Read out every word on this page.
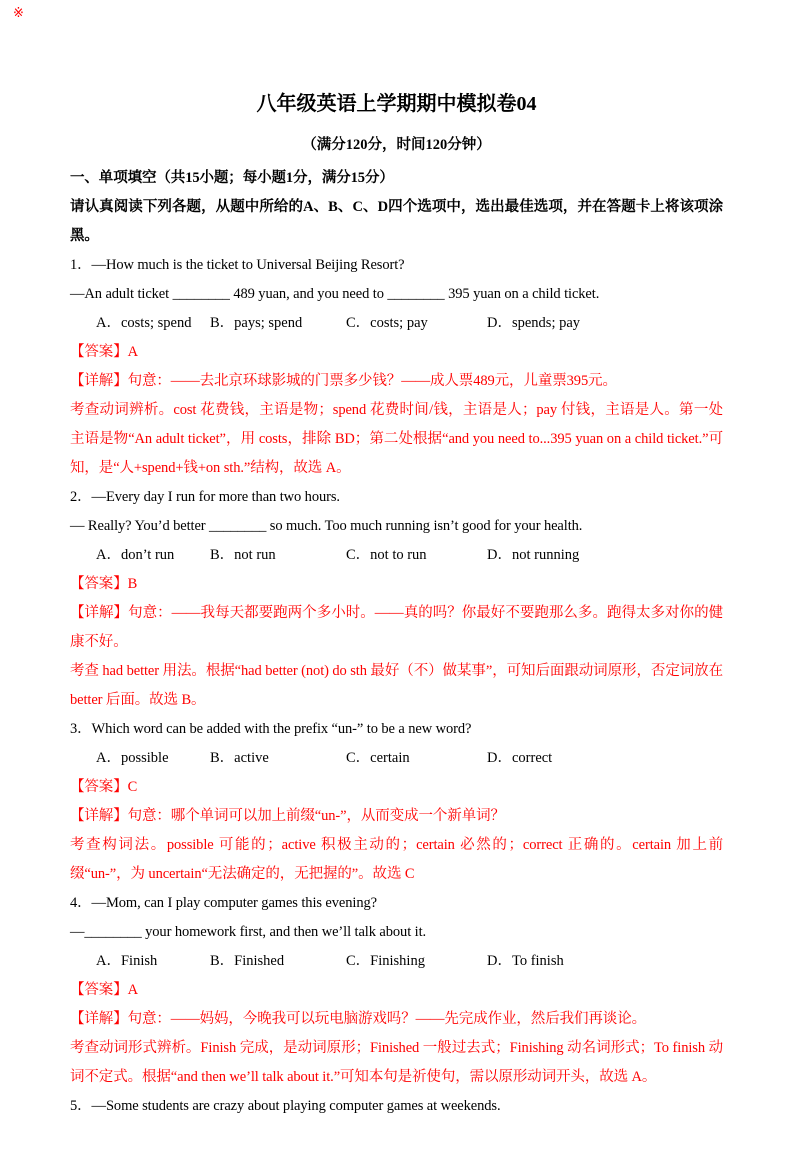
※
八年级英语上学期期中模拟卷04

（满分120分，时间120分钟）

一、单项填空（共15小题；每小题1分，满分15分）

请认真阅读下列各题，从题中所给的A、B、C、D四个选项中，选出最佳选项，并在答题卡上将该项涂黑。

1．—How much is the ticket to Universal Beijing Resort?

—An adult ticket ________ 489 yuan, and you need to ________ 395 yuan on a child ticket.

A．costs; spend	B．pays; spend	C．costs; pay	D．spends; pay

【答案】A

【详解】句意：——去北京环球影城的门票多少钱？——成人票489元，儿童票395元。

考查动词辨析。cost 花费钱，主语是物；spend 花费时间/钱，主语是人；pay 付钱，主语是人。第一处主语是物“An adult ticket”，用 costs，排除 BD；第二处根据“and you need to...395 yuan on a child ticket.”可知，是“人+spend+钱+on sth.”结构，故选 A。

2．—Every day I run for more than two hours.

— Really? You’d better ________ so much. Too much running isn’t good for your health.

A．don’t run	B．not run	C．not to run	D．not running

【答案】B

【详解】句意：——我每天都要跑两个多小时。——真的吗？你最好不要跑那么多。跑得太多对你的健康不好。

考查 had better 用法。根据“had better (not) do sth 最好（不）做某事”，可知后面跟动词原形，否定词放在 better 后面。故选 B。

3．Which word can be added with the prefix “un-” to be a new word?

A．possible	B．active	C．certain	D．correct

【答案】C

【详解】句意：哪个单词可以加上前缀“un-”，从而变成一个新单词？

考查构词法。possible 可能的；active 积极主动的；certain 必然的；correct 正确的。certain 加上前缀“un-”，为 uncertain“无法确定的，无把握的”。故选 C

4．—Mom, can I play computer games this evening?

—________ your homework first, and then we’ll talk about it.

A．Finish	B．Finished	C．Finishing	D．To finish

【答案】A

【详解】句意：——妈妈，今晚我可以玩电脑游戏吗？——先完成作业，然后我们再谈论。

考查动词形式辨析。Finish 完成，是动词原形；Finished 一般过去式；Finishing 动名词形式；To finish 动词不定式。根据“and then we’ll talk about it.”可知本句是祈使句，需以原形动词开头，故选 A。

5．—Some students are crazy about playing computer games at weekends.
